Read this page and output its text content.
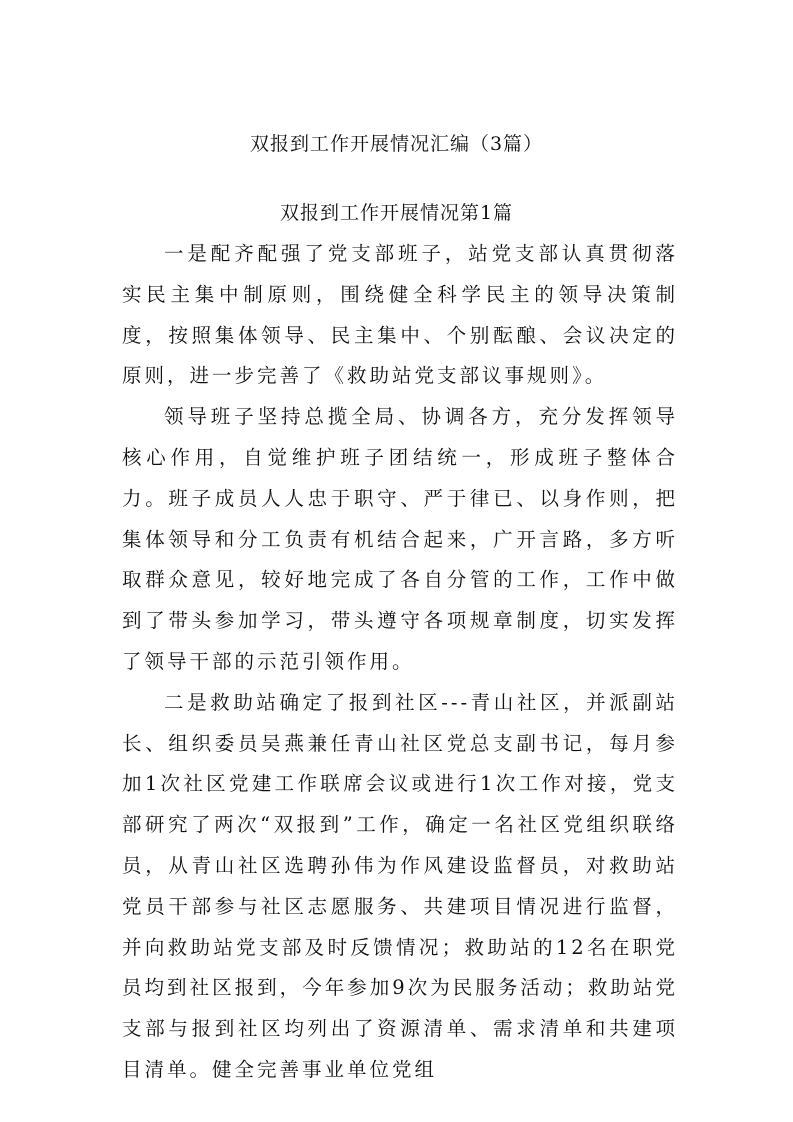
双报到工作开展情况汇编（3篇）
双报到工作开展情况第1篇

一是配齐配强了党支部班子，站党支部认真贯彻落实民主集中制原则，围绕健全科学民主的领导决策制度，按照集体领导、民主集中、个别酝酿、会议决定的原则，进一步完善了《救助站党支部议事规则》。

领导班子坚持总揽全局、协调各方，充分发挥领导核心作用，自觉维护班子团结统一，形成班子整体合力。班子成员人人忠于职守、严于律已、以身作则，把集体领导和分工负责有机结合起来，广开言路，多方听取群众意见，较好地完成了各自分管的工作，工作中做到了带头参加学习，带头遵守各项规章制度，切实发挥了领导干部的示范引领作用。

二是救助站确定了报到社区---青山社区，并派副站长、组织委员吴燕兼任青山社区党总支副书记，每月参加1次社区党建工作联席会议或进行1次工作对接，党支部研究了两次“双报到”工作，确定一名社区党组织联络员，从青山社区选聘孙伟为作风建设监督员，对救助站党员干部参与社区志愿服务、共建项目情况进行监督，并向救助站党支部及时反馈情况；救助站的12名在职党员均到社区报到，今年参加9次为民服务活动；救助站党支部与报到社区均列出了资源清单、需求清单和共建项目清单。健全完善事业单位党组
